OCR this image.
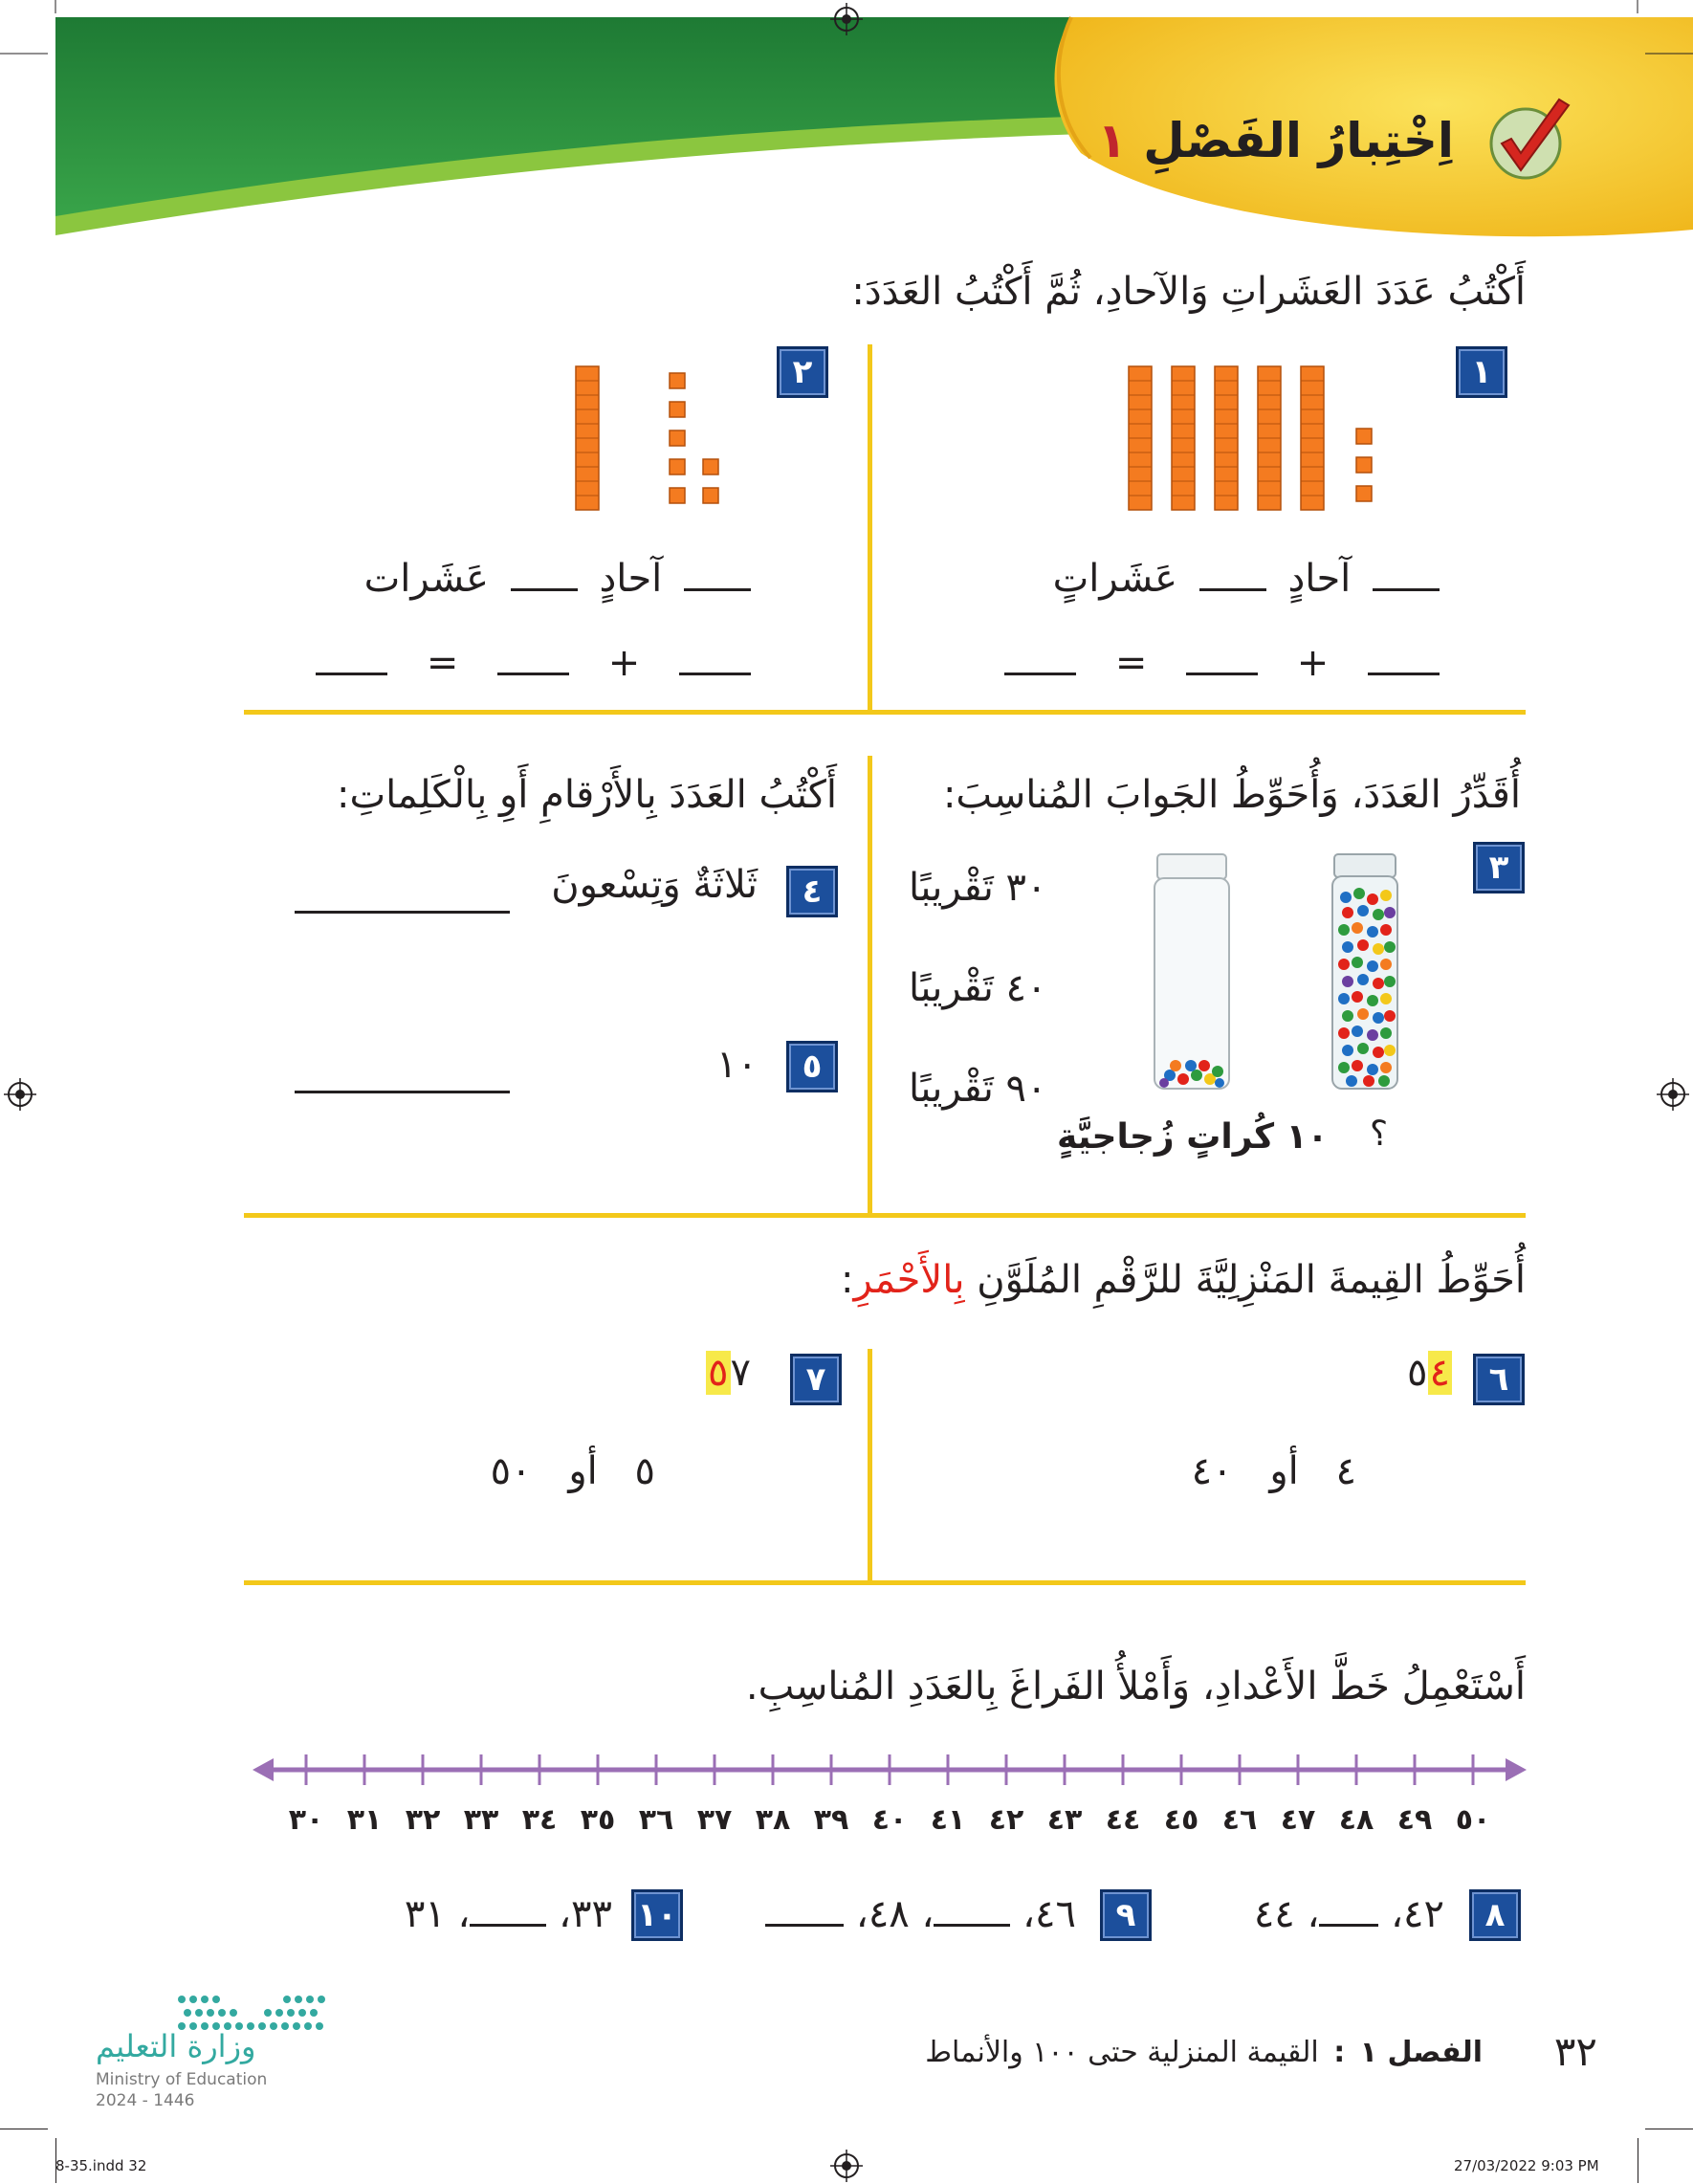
اِخْتِبارُ الفَصْلِ ١
أَكْتُبُ عَدَدَ العَشَراتِ وَالآحادِ، ثُمَّ أَكْتُبُ العَدَدَ:
١
٢
آحادٍ  عَشَراتٍ
+  =
آحادٍ  عَشَرات
+  =
أُقَدِّرُ العَدَدَ، وَأُحَوِّطُ الجَوابَ المُناسِبَ:
أَكْتُبُ العَدَدَ بِالأَرْقامِ أَوِ بِالْكَلِماتِ:
٣
٤
٥
؟
١٠ كُراتٍ زُجاجيَّةٍ
٣٠ تَقْريبًا
٤٠ تَقْريبًا
٩٠ تَقْريبًا
ثَلاثَةٌ وَتِسْعونَ
١٠
أُحَوِّطُ القِيمةَ المَنْزِلِيَّةَ للرَّقْمِ المُلَوَّنِ بِالأَحْمَرِ:
٦
٧	٥٤
٥٧
٤ أو ٤٠
٥ أو ٥٠
أَسْتَعْمِلُ خَطَّ الأَعْدادِ، وَأَمْلأُ الفَراغَ بِالعَدَدِ المُناسِبِ.
٣٠ ٣١ ٣٢ ٣٣ ٣٤ ٣٥ ٣٦ ٣٧ ٣٨ ٣٩ ٤٠ ٤١ ٤٢ ٤٣ ٤٤ ٤٥ ٤٦ ٤٧ ٤٨ ٤٩ ٥٠
٨
٩
١٠	٤٢، ، ٤٤
٤٦، ، ٤٨،
٣٣، ، ٣١
وزارة التعليم
Ministry of Education
2024 - 1446
٣٢
الفصل ١ : القيمة المنزلية حتى ١٠٠ والأنماط
8-35.indd 32	27/03/2022 9:03 PM
